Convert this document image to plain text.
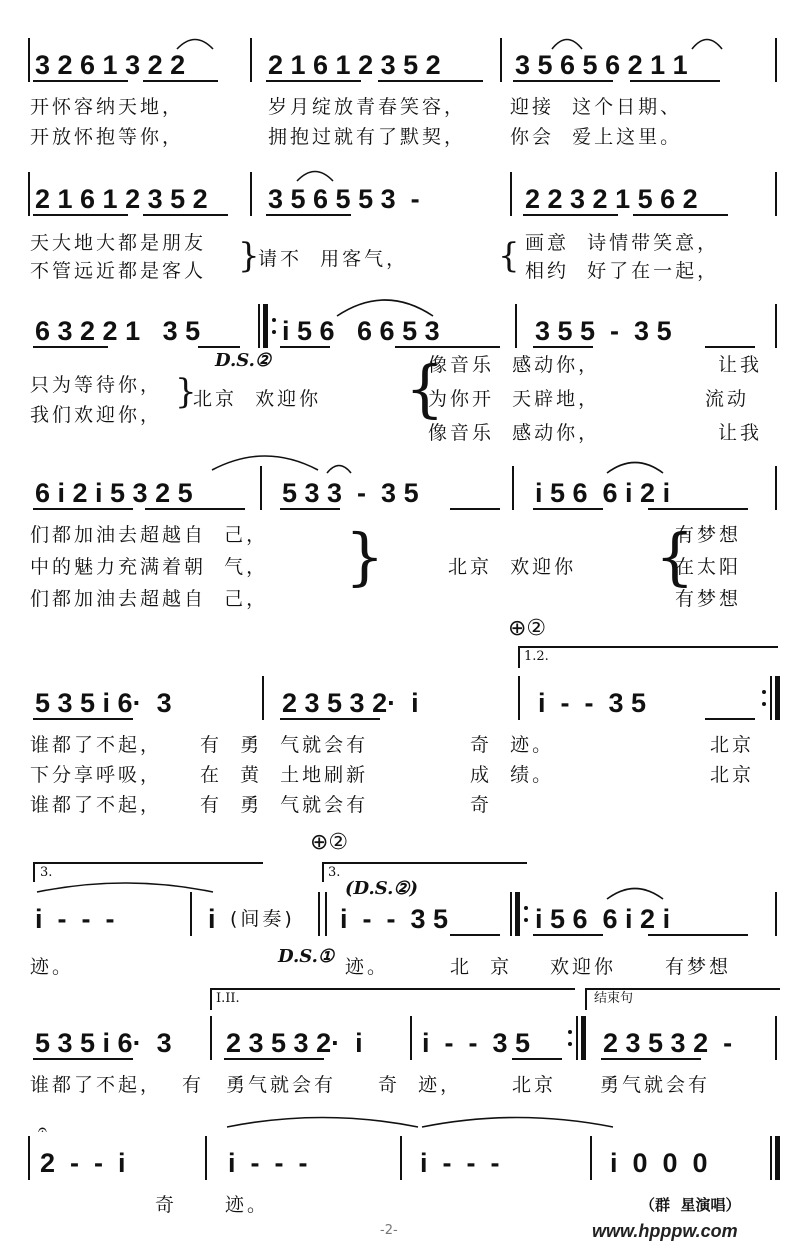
3 2 6 1 3 2 2	2 1 6 1 2 3 5 2	3 5 6 5 6 2 1 1
开怀容纳天地，	岁月绽放青春笑容， 迎接  这个日期、
开放怀抱等你，	拥抱过就有了默契， 你会  爱上这里。
2 1 6 1 2 3 5 2 3 5 6 5 5 3  -	2 2 3 2 1 5 6 2
天大地大都是朋友	画意  诗情带笑意，
不管远近都是客人 }
请不  用客气，	{ 相约  好了在一起，
6 3 2 2 1   3 5	i 5 6   6 6 5 3	3 5 5  -  3 5
D.S.②
只为等待你，	{
像音乐  感动你，	让我
我们欢迎你，
}
北京  欢迎你	为你开  天辟地，	流动
像音乐  感动你，	让我
6 i 2 i 5 3 2 5	5 3 3  -  3 5	i 5 6  6 i 2 i
们都加油去超越自  己，	有梦想
中的魅力充满着朝  气， }	北京  欢迎你 {
在太阳
们都加油去超越自  己，	有梦想
⊕②
1.2.
5 3 5 i 6·  3	2 3 5 3 2·  i	i  -  -  3 5
谁都了不起， 有  勇  气就会有	奇  迹。	北京
下分享呼吸， 在  黄  土地刷新	成  绩。	北京
谁都了不起， 有  勇  气就会有	奇
⊕②
3.	3.
(D.S.②)
i  -  -  -	i (间奏) i  -  -  3 5	i 5 6  6 i 2 i
迹。	D.S.① 迹。	北  京 欢迎你	有梦想
I.II.	结束句
5 3 5 i 6·  3 2 3 5 3 2·  i i  -  -  3 5	2 3 5 3 2  -
谁都了不起， 有 勇气就会有 奇  迹，	北京 勇气就会有
𝄐
2  -  -  i	i  -  -  -	i  -  -  -	i  0  0  0
奇	迹。	（群  星演唱）
-2-	www.hpppw.com
